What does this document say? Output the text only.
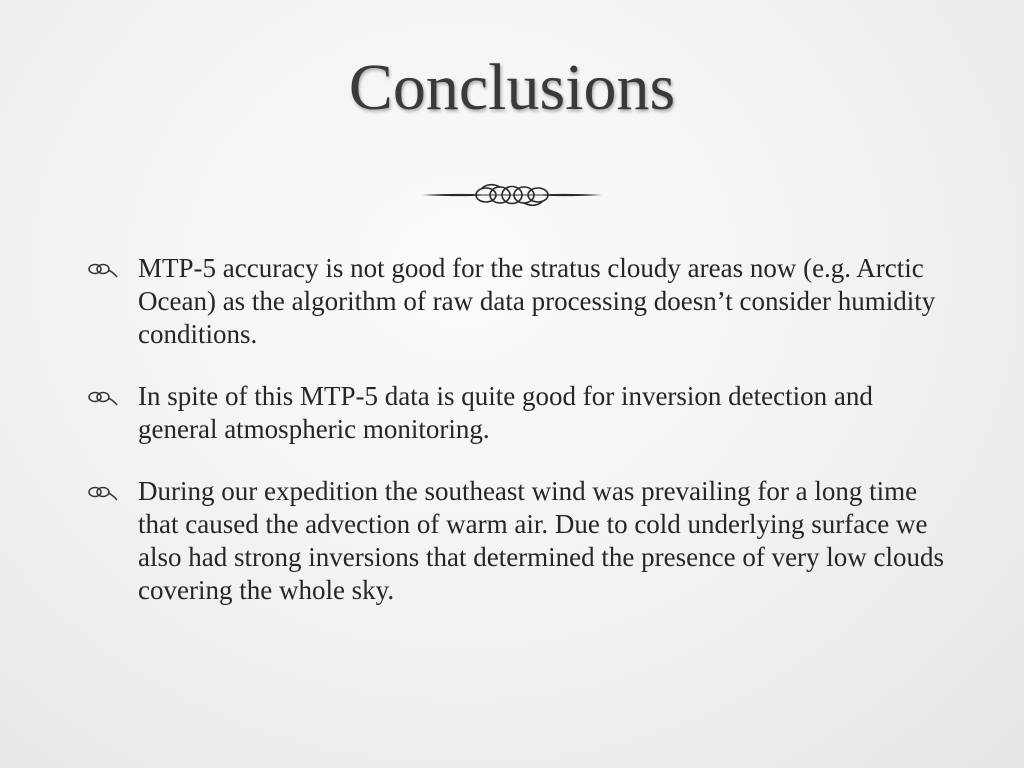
Conclusions
MTP-5 accuracy is not good for the stratus cloudy areas now (e.g. Arctic Ocean) as the algorithm of raw data processing doesn’t consider humidity conditions.
In spite of this MTP-5 data is quite good for inversion detection and general atmospheric monitoring.
During our expedition the southeast wind was prevailing for a long time that caused the advection of warm air. Due to cold underlying surface we also had strong inversions that determined the presence of very low clouds covering the whole sky.
